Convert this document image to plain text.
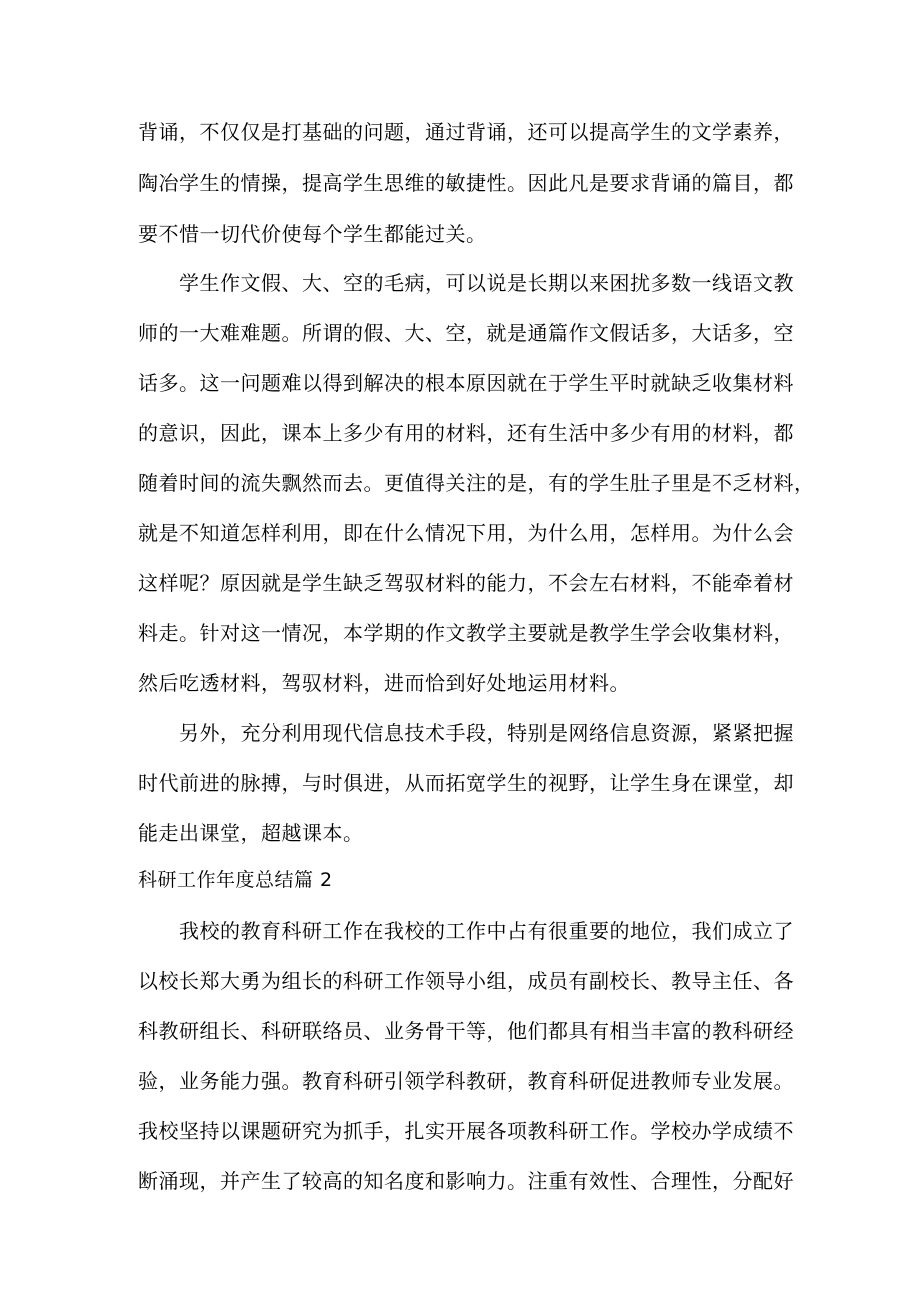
背诵，不仅仅是打基础的问题，通过背诵，还可以提高学生的文学素养，
陶冶学生的情操，提高学生思维的敏捷性。因此凡是要求背诵的篇目，都
要不惜一切代价使每个学生都能过关。
　　学生作文假、大、空的毛病，可以说是长期以来困扰多数一线语文教
师的一大难难题。所谓的假、大、空，就是通篇作文假话多，大话多，空
话多。这一问题难以得到解决的根本原因就在于学生平时就缺乏收集材料
的意识，因此，课本上多少有用的材料，还有生活中多少有用的材料，都
随着时间的流失飘然而去。更值得关注的是，有的学生肚子里是不乏材料，
就是不知道怎样利用，即在什么情况下用，为什么用，怎样用。为什么会
这样呢？原因就是学生缺乏驾驭材料的能力，不会左右材料，不能牵着材
料走。针对这一情况，本学期的作文教学主要就是教学生学会收集材料，
然后吃透材料，驾驭材料，进而恰到好处地运用材料。
　　另外，充分利用现代信息技术手段，特别是网络信息资源，紧紧把握
时代前进的脉搏，与时俱进，从而拓宽学生的视野，让学生身在课堂，却
能走出课堂，超越课本。
科研工作年度总结篇 2
　　我校的教育科研工作在我校的工作中占有很重要的地位，我们成立了
以校长郑大勇为组长的科研工作领导小组，成员有副校长、教导主任、各
科教研组长、科研联络员、业务骨干等，他们都具有相当丰富的教科研经
验，业务能力强。教育科研引领学科教研，教育科研促进教师专业发展。
我校坚持以课题研究为抓手，扎实开展各项教科研工作。学校办学成绩不
断涌现，并产生了较高的知名度和影响力。注重有效性、合理性，分配好
